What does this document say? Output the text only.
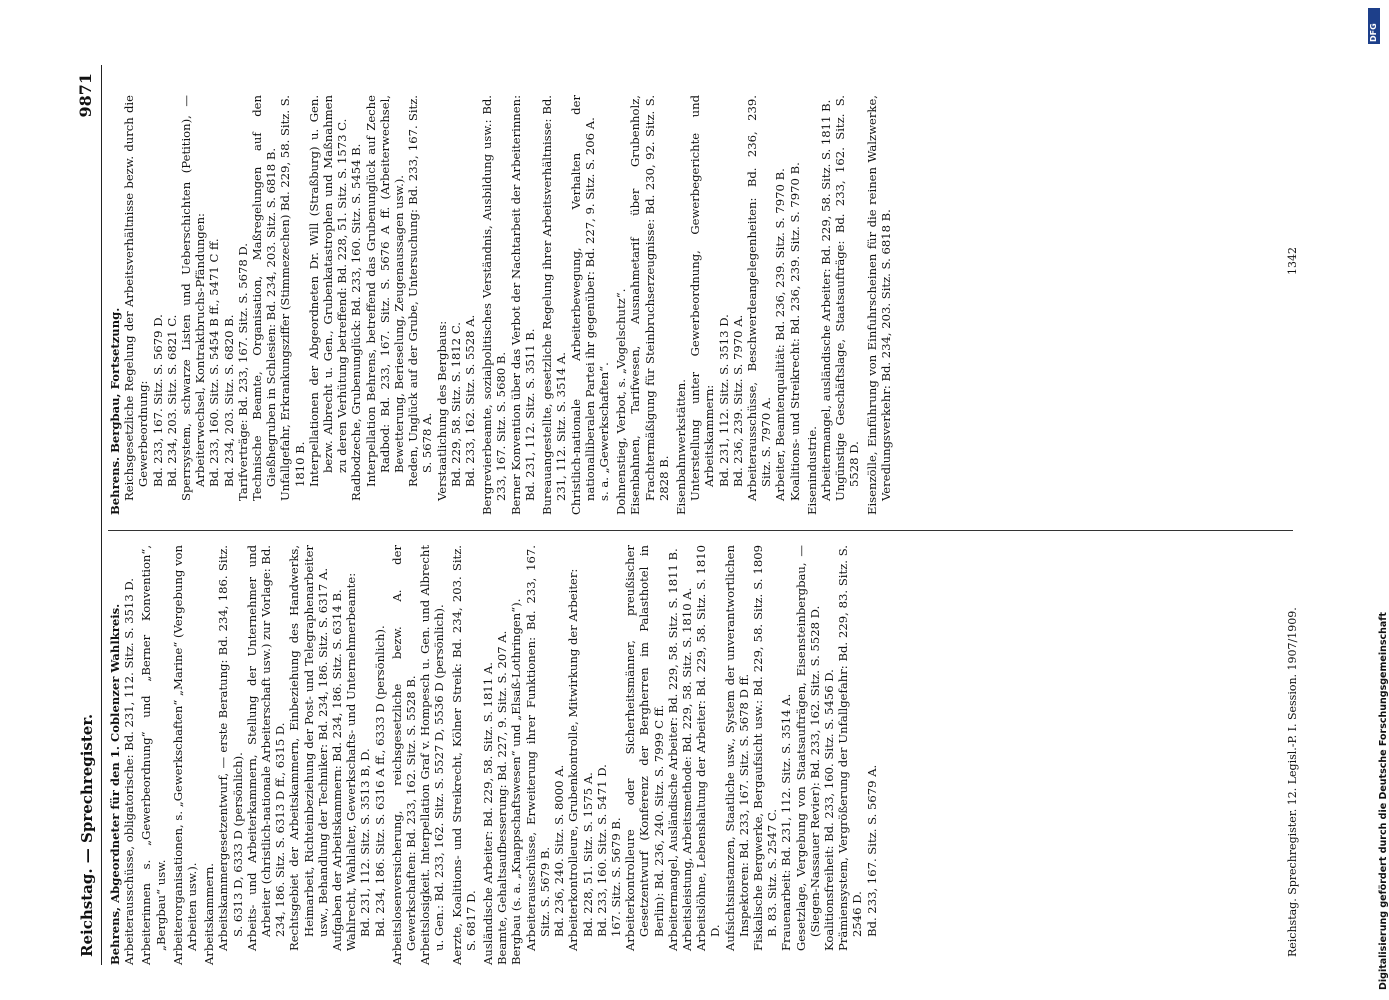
Reichstag. — Sprechregister.
9871

Behrens, Abgeordneter für den 1. Coblenzer Wahlkreis. Arbeiterausschüsse, obligatorische: Bd. 231, 112. Sitz. S. 3513 D. Arbeiterinnen s. „Gewerbeordnung“ und „Berner Konvention“, „Bergbau“ usw. Arbeiterorganisationen, s. „Gewerkschaften“ „Marine“ (Vergebung von Arbeiten usw.). Arbeitskammern. Arbeitskammergesetzentwurf, — erste Beratung: Bd. 234, 186. Sitz. S. 6313 D, 6333 D (persönlich). Arbeits- und Arbeiterkammern, Stellung der Unternehmer und Arbeiter (christlich-nationale Arbeiterschaft usw.) zur Vorlage: Bd. 234, 186. Sitz. S. 6313 D ff., 6315 D. Rechtsgebiet der Arbeitskammern, Einbeziehung des Handwerks, Heimarbeit, Richteinbeziehung der Post- und Telegraphenarbeiter usw., Behandlung der Techniker: Bd. 234, 186. Sitz. S. 6317 A. Aufgaben der Arbeitskammern: Bd. 234, 186. Sitz. S. 6314 B. Wahlrecht, Wahlalter, Gewerkschafts- und Unternehmerbeamte: Bd. 231, 112. Sitz. S. 3513 B, D. Bd. 234, 186. Sitz. S. 6316 A ff., 6333 D (persönlich). Arbeitslosenversicherung, reichsgesetzliche bezw. A. der Gewerkschaften: Bd. 233, 162. Sitz. S. 5528 B. Arbeitslosigkeit. Interpellation Graf v. Hompesch u. Gen. und Albrecht u. Gen.: Bd. 233, 162. Sitz. S. 5527 D, 5536 D (persönlich). Aerzte, Koalitions- und Streikrecht, Kölner Streik: Bd. 234, 203. Sitz. S. 6817 D. Ausländische Arbeiter: Bd. 229, 58. Sitz. S. 1811 A. Beamte, Gehaltsaufbesserung: Bd. 227, 9. Sitz. S. 207 A. Bergbau (s. a. „Knappschaftswesen“ und „Elsaß-Lothringen“). Arbeiterausschüsse, Erweiterung ihrer Funktionen: Bd. 233, 167. Sitz. S. 5679 B. Bd. 236, 240. Sitz. S. 8000 A. Arbeiterkontrolleure, Grubenkontrolle, Mitwirkung der Arbeiter: Bd. 228, 51. Sitz. S. 1575 A. Bd. 233, 160. Sitz. S. 5471 D. 167. Sitz. S. 5679 B. Arbeiterkontrolleure oder Sicherheitsmänner, preußischer Gesetzentwurf (Konferenz der Bergherren im Palasthotel in Berlin): Bd. 236, 240. Sitz. S. 7999 C ff. Arbeitermangel, Ausländische Arbeiter: Bd. 229, 58. Sitz. S. 1811 B. Arbeitsleistung, Arbeitsmethode: Bd. 229, 58. Sitz. S. 1810 A. Arbeitslöhne, Lebenshaltung der Arbeiter: Bd. 229, 58. Sitz. S. 1810 D. Aufsichtsinstanzen, Staatliche usw., System der unverantwortlichen Inspektoren: Bd. 233, 167. Sitz. S. 5678 D ff. Fiskalische Bergwerke, Bergaufsicht usw.: Bd. 229, 58. Sitz. S. 1809 B. 83. Sitz. S. 2547 C. Frauenarbeit: Bd. 231, 112. Sitz. S. 3514 A. Gesetzlage, Vergebung von Staatsaufträgen, Eisensteinbergbau, — (Siegen-Nassauer Revier): Bd. 233, 162. Sitz. S. 5528 D. Koalitionsfreiheit: Bd. 233, 160. Sitz. S. 5456 D. Prämiensystem, Vergrößerung der Unfallgefahr: Bd. 229, 83. Sitz. S. 2546 D. Bd. 233, 167. Sitz. S. 5679 A.

Behrens. Bergbau, Fortsetzung. Reichsgesetzliche Regelung der Arbeitsverhältnisse bezw. durch die Gewerbeordnung: Bd. 233, 167. Sitz. S. 5679 D. Bd. 234, 203. Sitz. S. 6821 C. Sperrsystem, schwarze Listen und Ueberschichten (Petition), — Arbeiterwechsel, Kontraktbruchs-Pfändungen: Bd. 233, 160. Sitz. S. 5454 B ff., 5471 C ff. Bd. 234, 203. Sitz. S. 6820 B. Tarifverträge: Bd. 233, 167. Sitz. S. 5678 D. Technische Beamte, Organisation, Maßregelungen auf den Gießhegruben in Schlesien: Bd. 234, 203. Sitz. S. 6818 B. Unfallgefahr, Erkrankungsziffer (Stimmezechen) Bd. 229, 58. Sitz. S. 1810 B. Interpellationen der Abgeordneten Dr. Will (Straßburg) u. Gen. bezw. Albrecht u. Gen., Grubenkatastrophen und Maßnahmen zu deren Verhütung betreffend: Bd. 228, 51. Sitz. S. 1573 C. Radbodzeche, Grubenunglück: Bd. 233, 160. Sitz. S. 5454 B. Interpellation Behrens, betreffend das Grubenunglück auf Zeche Radbod: Bd. 233, 167. Sitz. S. 5676 A ff. (Arbeiterwechsel, Bewetterung, Berieselung, Zeugenaussagen usw.). Reden, Unglück auf der Grube, Untersuchung: Bd. 233, 167. Sitz. S. 5678 A. Verstaatlichung des Bergbaus: Bd. 229, 58. Sitz. S. 1812 C. Bd. 233, 162. Sitz. S. 5528 A. Bergrevierbeamte, sozialpolitisches Verständnis, Ausbildung usw.: Bd. 233, 167. Sitz. S. 5680 B. Berner Konvention über das Verbot der Nachtarbeit der Arbeiterinnen: Bd. 231, 112. Sitz. S. 3511 B. Bureauangestellte, gesetzliche Regelung ihrer Arbeitsverhältnisse: Bd. 231, 112. Sitz. S. 3514 A. Christlich-nationale Arbeiterbewegung, Verhalten der nationalliberalen Partei ihr gegenüber: Bd. 227, 9. Sitz. S. 206 A. s. a. „Gewerkschaften“. Dohnenstieg, Verbot, s. „Vogelschutz“. Eisenbahnen, Tarifwesen, Ausnahmetarif über Grubenholz, Frachtermäßigung für Steinbruchserzeugnisse: Bd. 230, 92. Sitz. S. 2828 B. Eisenbahnwerkstätten. Unterstellung unter Gewerbeordnung, Gewerbegerichte und Arbeitskammern: Bd. 231, 112. Sitz. S. 3513 D. Bd. 236, 239. Sitz. S. 7970 A. Arbeiterausschüsse, Beschwerdeangelegenheiten: Bd. 236, 239. Sitz. S. 7970 A. Arbeiter, Beamtenqualität: Bd. 236, 239. Sitz. S. 7970 B. Koalitions- und Streikrecht: Bd. 236, 239. Sitz. S. 7970 B. Eisenindustrie. Arbeitermangel, ausländische Arbeiter: Bd. 229, 58. Sitz. S. 1811 B. Ungünstige Geschäftslage, Staatsaufträge: Bd. 233, 162. Sitz. S. 5528 D. Eisenzölle, Einführung von Einfuhrscheinen für die reinen Walzwerke, Veredlungsverkehr: Bd. 234, 203. Sitz. S. 6818 B.

Reichstag. Sprechregister. 12. Legisl.-P. I. Session. 1907/1909.
1342
Digitalisierung gefördert durch die Deutsche Forschungsgemeinschaft
DFG
